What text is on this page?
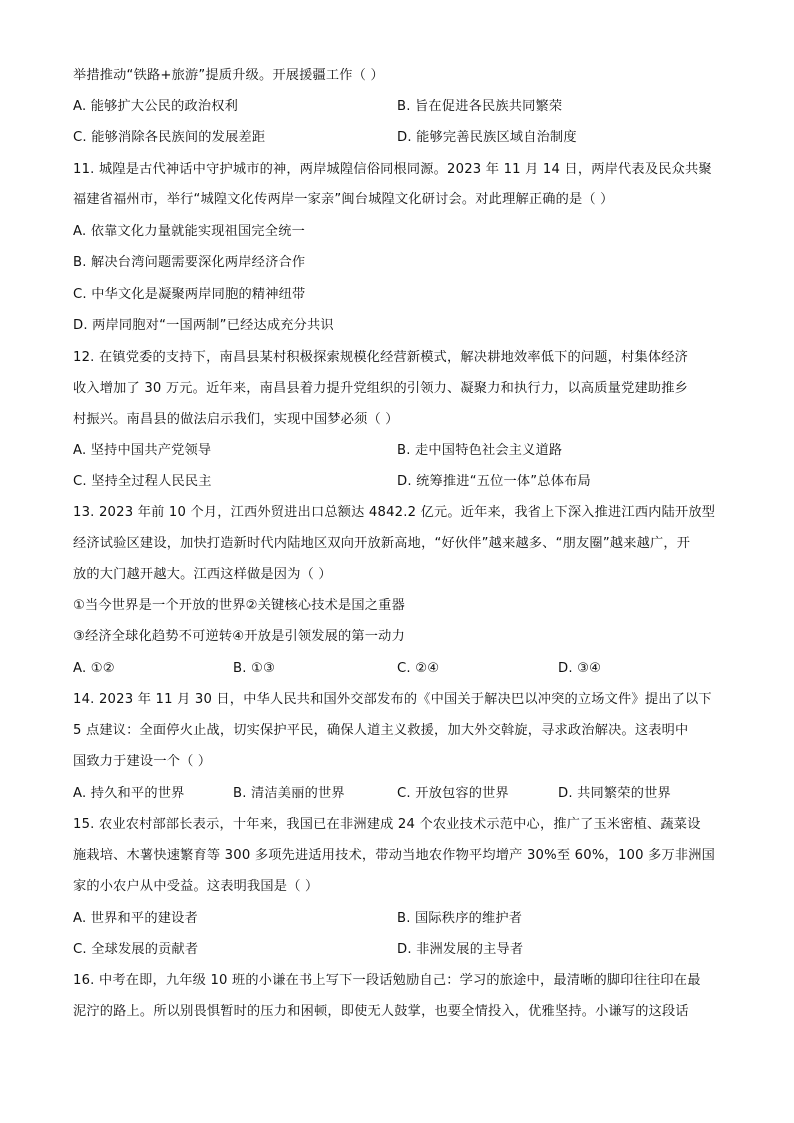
举措推动“铁路+旅游”提质升级。开展援疆工作（ ）
A. 能够扩大公民的政治权利	B. 旨在促进各民族共同繁荣
C. 能够消除各民族间的发展差距	D. 能够完善民族区域自治制度
11. 城隍是古代神话中守护城市的神，两岸城隍信俗同根同源。2023 年 11 月 14 日，两岸代表及民众共聚
福建省福州市，举行“城隍文化传两岸一家亲”闽台城隍文化研讨会。对此理解正确的是（ ）
A. 依靠文化力量就能实现祖国完全统一
B. 解决台湾问题需要深化两岸经济合作
C. 中华文化是凝聚两岸同胞的精神纽带
D. 两岸同胞对“一国两制”已经达成充分共识
12. 在镇党委的支持下，南昌县某村积极探索规模化经营新模式，解决耕地效率低下的问题，村集体经济
收入增加了 30 万元。近年来，南昌县着力提升党组织的引领力、凝聚力和执行力，以高质量党建助推乡
村振兴。南昌县的做法启示我们，实现中国梦必须（ ）
A. 坚持中国共产党领导	B. 走中国特色社会主义道路
C. 坚持全过程人民民主	D. 统筹推进“五位一体”总体布局
13. 2023 年前 10 个月，江西外贸进出口总额达 4842.2 亿元。近年来，我省上下深入推进江西内陆开放型
经济试验区建设，加快打造新时代内陆地区双向开放新高地，“好伙伴”越来越多、“朋友圈”越来越广，开
放的大门越开越大。江西这样做是因为（ ）
①当今世界是一个开放的世界②关键核心技术是国之重器
③经济全球化趋势不可逆转④开放是引领发展的第一动力
A. ①②	B. ①③	C. ②④	D. ③④
14. 2023 年 11 月 30 日，中华人民共和国外交部发布的《中国关于解决巴以冲突的立场文件》提出了以下
5 点建议：全面停火止战，切实保护平民，确保人道主义救援，加大外交斡旋，寻求政治解决。这表明中
国致力于建设一个（ ）
A. 持久和平的世界	B. 清洁美丽的世界	C. 开放包容的世界	D. 共同繁荣的世界
15. 农业农村部部长表示，十年来，我国已在非洲建成 24 个农业技术示范中心，推广了玉米密植、蔬菜设
施栽培、木薯快速繁育等 300 多项先进适用技术，带动当地农作物平均增产 30%至 60%，100 多万非洲国
家的小农户从中受益。这表明我国是（ ）
A. 世界和平的建设者	B. 国际秩序的维护者
C. 全球发展的贡献者	D. 非洲发展的主导者
16. 中考在即，九年级 10 班的小谦在书上写下一段话勉励自己：学习的旅途中，最清晰的脚印往往印在最
泥泞的路上。所以别畏惧暂时的压力和困顿，即使无人鼓掌，也要全情投入，优雅坚持。小谦写的这段话
